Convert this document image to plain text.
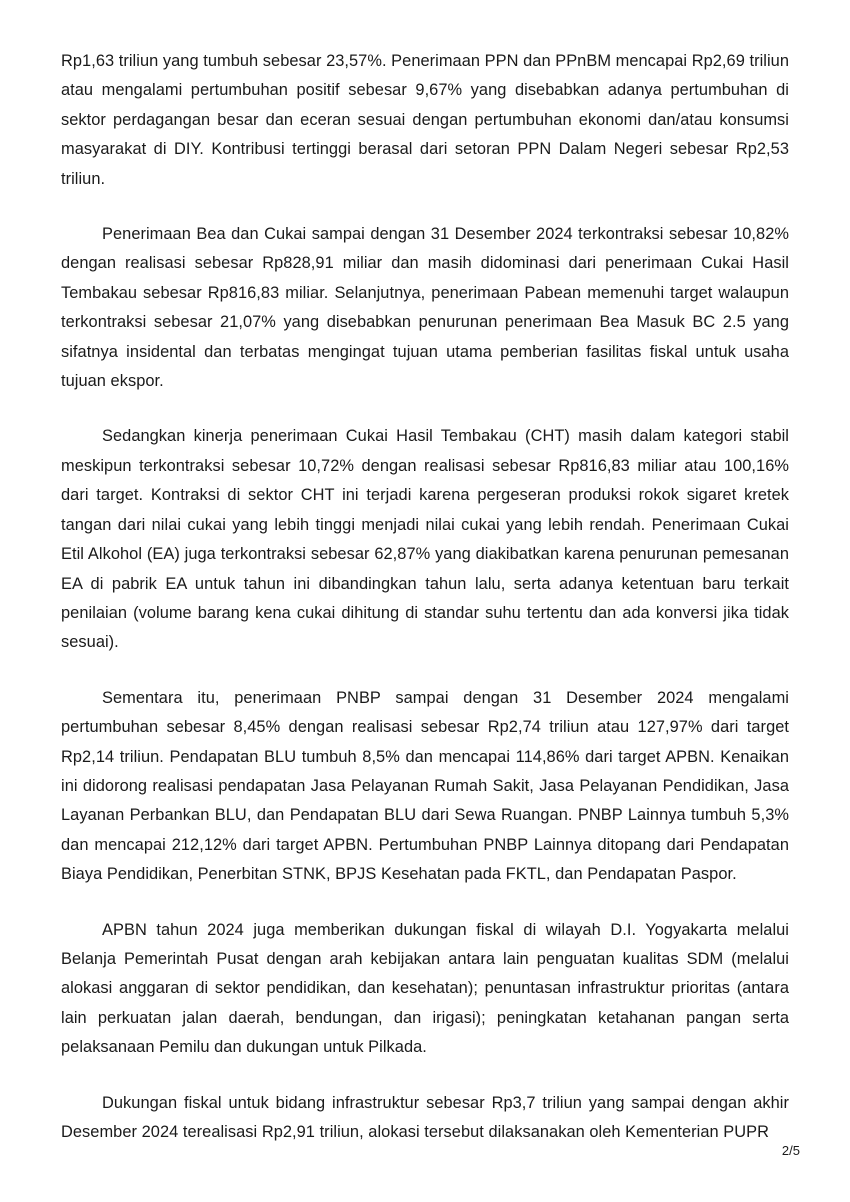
Rp1,63 triliun yang tumbuh sebesar 23,57%. Penerimaan PPN dan PPnBM mencapai Rp2,69 triliun atau mengalami pertumbuhan positif sebesar 9,67% yang disebabkan adanya pertumbuhan di sektor perdagangan besar dan eceran sesuai dengan pertumbuhan ekonomi dan/atau konsumsi masyarakat di DIY. Kontribusi tertinggi berasal dari setoran PPN Dalam Negeri sebesar Rp2,53 triliun.

Penerimaan Bea dan Cukai sampai dengan 31 Desember 2024 terkontraksi sebesar 10,82% dengan realisasi sebesar Rp828,91 miliar dan masih didominasi dari penerimaan Cukai Hasil Tembakau sebesar Rp816,83 miliar. Selanjutnya, penerimaan Pabean memenuhi target walaupun terkontraksi sebesar 21,07% yang disebabkan penurunan penerimaan Bea Masuk BC 2.5 yang sifatnya insidental dan terbatas mengingat tujuan utama pemberian fasilitas fiskal untuk usaha tujuan ekspor.

Sedangkan kinerja penerimaan Cukai Hasil Tembakau (CHT) masih dalam kategori stabil meskipun terkontraksi sebesar 10,72% dengan realisasi sebesar Rp816,83 miliar atau 100,16% dari target. Kontraksi di sektor CHT ini terjadi karena pergeseran produksi rokok sigaret kretek tangan dari nilai cukai yang lebih tinggi menjadi nilai cukai yang lebih rendah. Penerimaan Cukai Etil Alkohol (EA) juga terkontraksi sebesar 62,87% yang diakibatkan karena penurunan pemesanan EA di pabrik EA untuk tahun ini dibandingkan tahun lalu, serta adanya ketentuan baru terkait penilaian (volume barang kena cukai dihitung di standar suhu tertentu dan ada konversi jika tidak sesuai).

Sementara itu, penerimaan PNBP sampai dengan 31 Desember 2024 mengalami pertumbuhan sebesar 8,45% dengan realisasi sebesar Rp2,74 triliun atau 127,97% dari target Rp2,14 triliun. Pendapatan BLU tumbuh 8,5% dan mencapai 114,86% dari target APBN. Kenaikan ini didorong realisasi pendapatan Jasa Pelayanan Rumah Sakit, Jasa Pelayanan Pendidikan, Jasa Layanan Perbankan BLU, dan Pendapatan BLU dari Sewa Ruangan. PNBP Lainnya tumbuh 5,3% dan mencapai 212,12% dari target APBN. Pertumbuhan PNBP Lainnya ditopang dari Pendapatan Biaya Pendidikan, Penerbitan STNK, BPJS Kesehatan pada FKTL, dan Pendapatan Paspor.

APBN tahun 2024 juga memberikan dukungan fiskal di wilayah D.I. Yogyakarta melalui Belanja Pemerintah Pusat dengan arah kebijakan antara lain penguatan kualitas SDM (melalui alokasi anggaran di sektor pendidikan, dan kesehatan); penuntasan infrastruktur prioritas (antara lain perkuatan jalan daerah, bendungan, dan irigasi); peningkatan ketahanan pangan serta pelaksanaan Pemilu dan dukungan untuk Pilkada.

Dukungan fiskal untuk bidang infrastruktur sebesar Rp3,7 triliun yang sampai dengan akhir Desember 2024 terealisasi Rp2,91 triliun, alokasi tersebut dilaksanakan oleh Kementerian PUPR

2/5
